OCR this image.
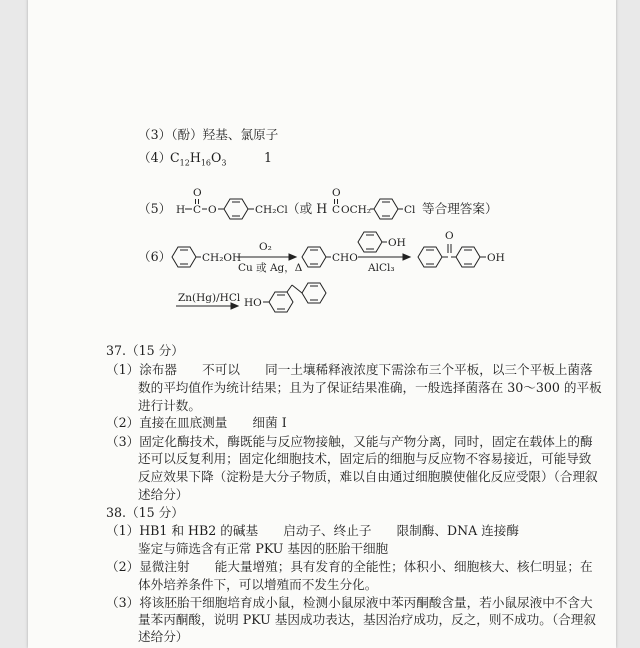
（3）（酚）羟基、氯原子
（4）
$C_{12}H_{16}O_3$	1
（5） H C
O
O	CH₂Cl （或 H C
O
OCH₂	Cl 等合理答案）
（6）	CH₂OH
O₂
Cu 或 Ag，Δ
CHO
OH
AlCl₃
O
OH
Zn(Hg)/HCl HO
37.（15 分）
（1）涂布器　　不可以　　同一土壤稀释液浓度下需涂布三个平板，以三个平板上菌落
数的平均值作为统计结果；且为了保证结果准确，一般选择菌落在 30～300 的平板
进行计数。
（2）直接在皿底测量　　细菌 I
（3）固定化酶技术，酶既能与反应物接触，又能与产物分离，同时，固定在载体上的酶
还可以反复利用；固定化细胞技术，固定后的细胞与反应物不容易接近，可能导致
反应效果下降（淀粉是大分子物质，难以自由通过细胞膜使催化反应受限）（合理叙
述给分）
38.（15 分）
（1）HB1 和 HB2 的碱基　　启动子、终止子　　限制酶、DNA 连接酶
鉴定与筛选含有正常 PKU 基因的胚胎干细胞
（2）显微注射　　能大量增殖；具有发育的全能性；体积小、细胞核大、核仁明显；在
体外培养条件下，可以增殖而不发生分化。
（3）将该胚胎干细胞培育成小鼠，检测小鼠尿液中苯丙酮酸含量，若小鼠尿液中不含大
量苯丙酮酸，说明 PKU 基因成功表达，基因治疗成功，反之，则不成功。（合理叙
述给分）
